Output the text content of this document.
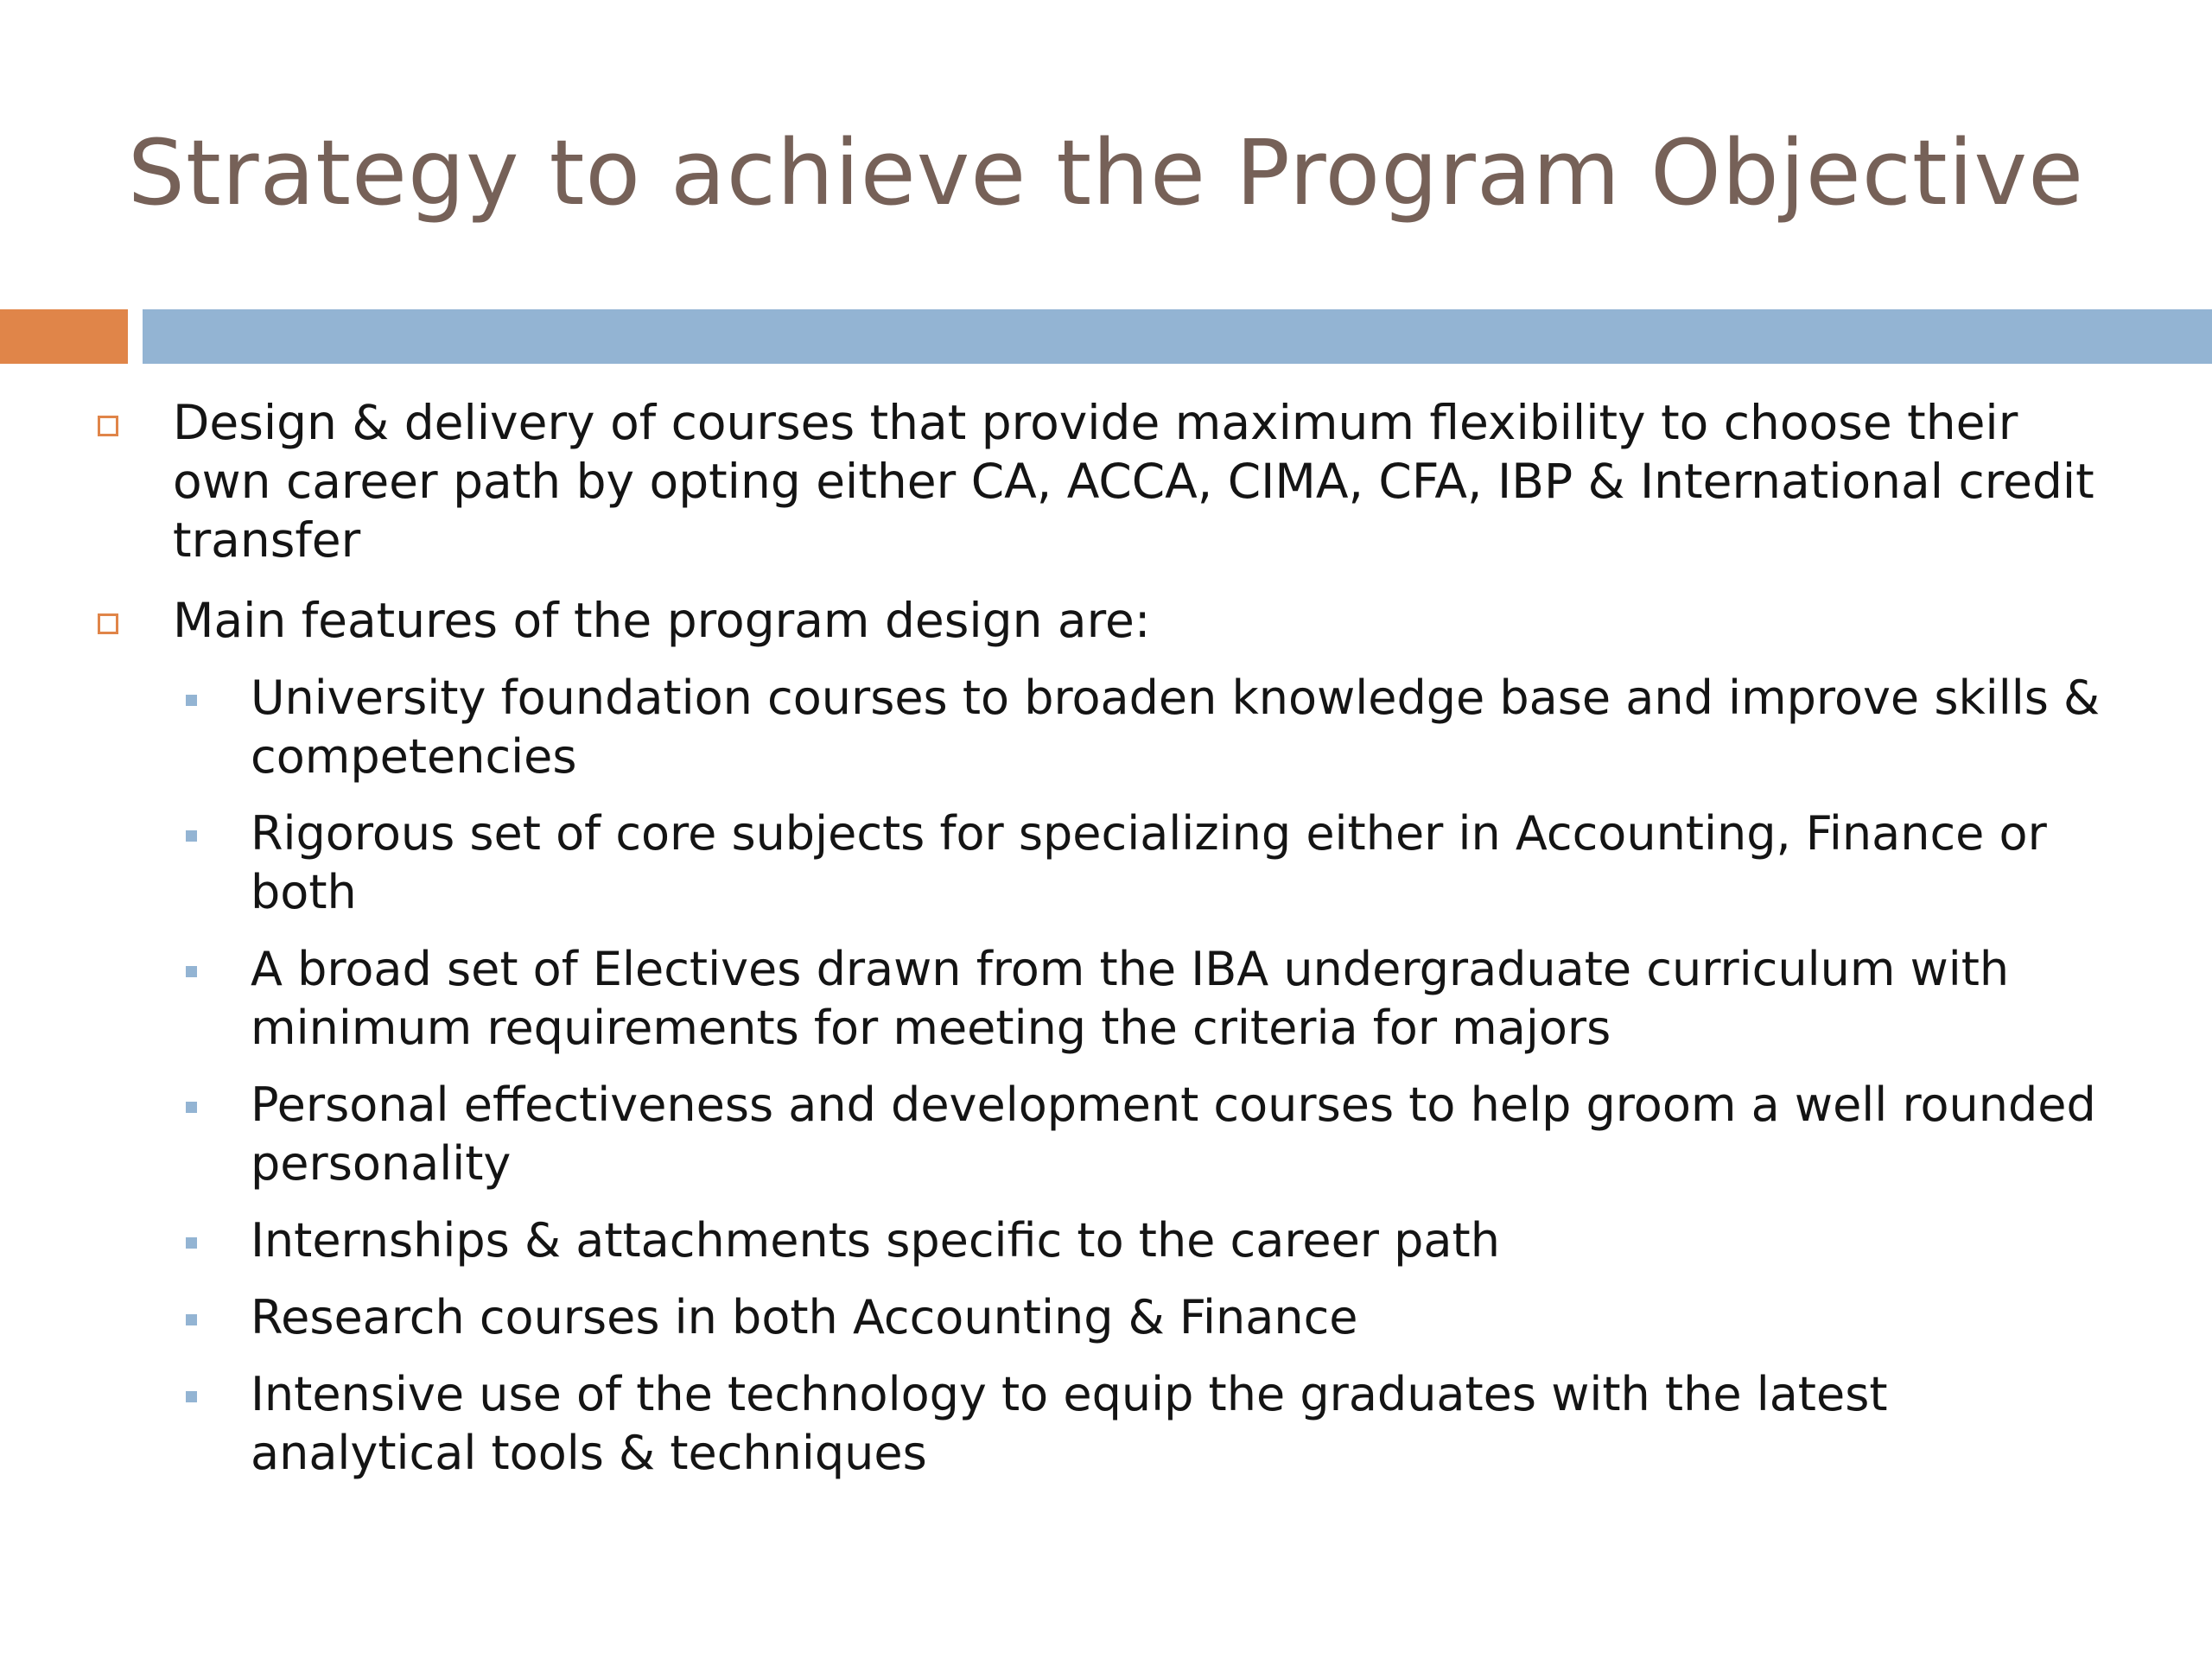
Strategy to achieve the Program Objective
Design & delivery of courses that provide maximum flexibility to choose their own career path by opting either CA, ACCA, CIMA, CFA, IBP & International credit transfer
Main features of the program design are:
University foundation courses to broaden knowledge base and improve skills & competencies
Rigorous set of core subjects for specializing either in Accounting, Finance or both
A broad set of Electives drawn from the IBA undergraduate curriculum with minimum requirements for meeting the criteria for majors
Personal effectiveness and development courses to help groom a well rounded personality
Internships & attachments specific to the career path
Research courses in both Accounting & Finance
Intensive use of the technology to equip the graduates with the latest analytical tools & techniques
